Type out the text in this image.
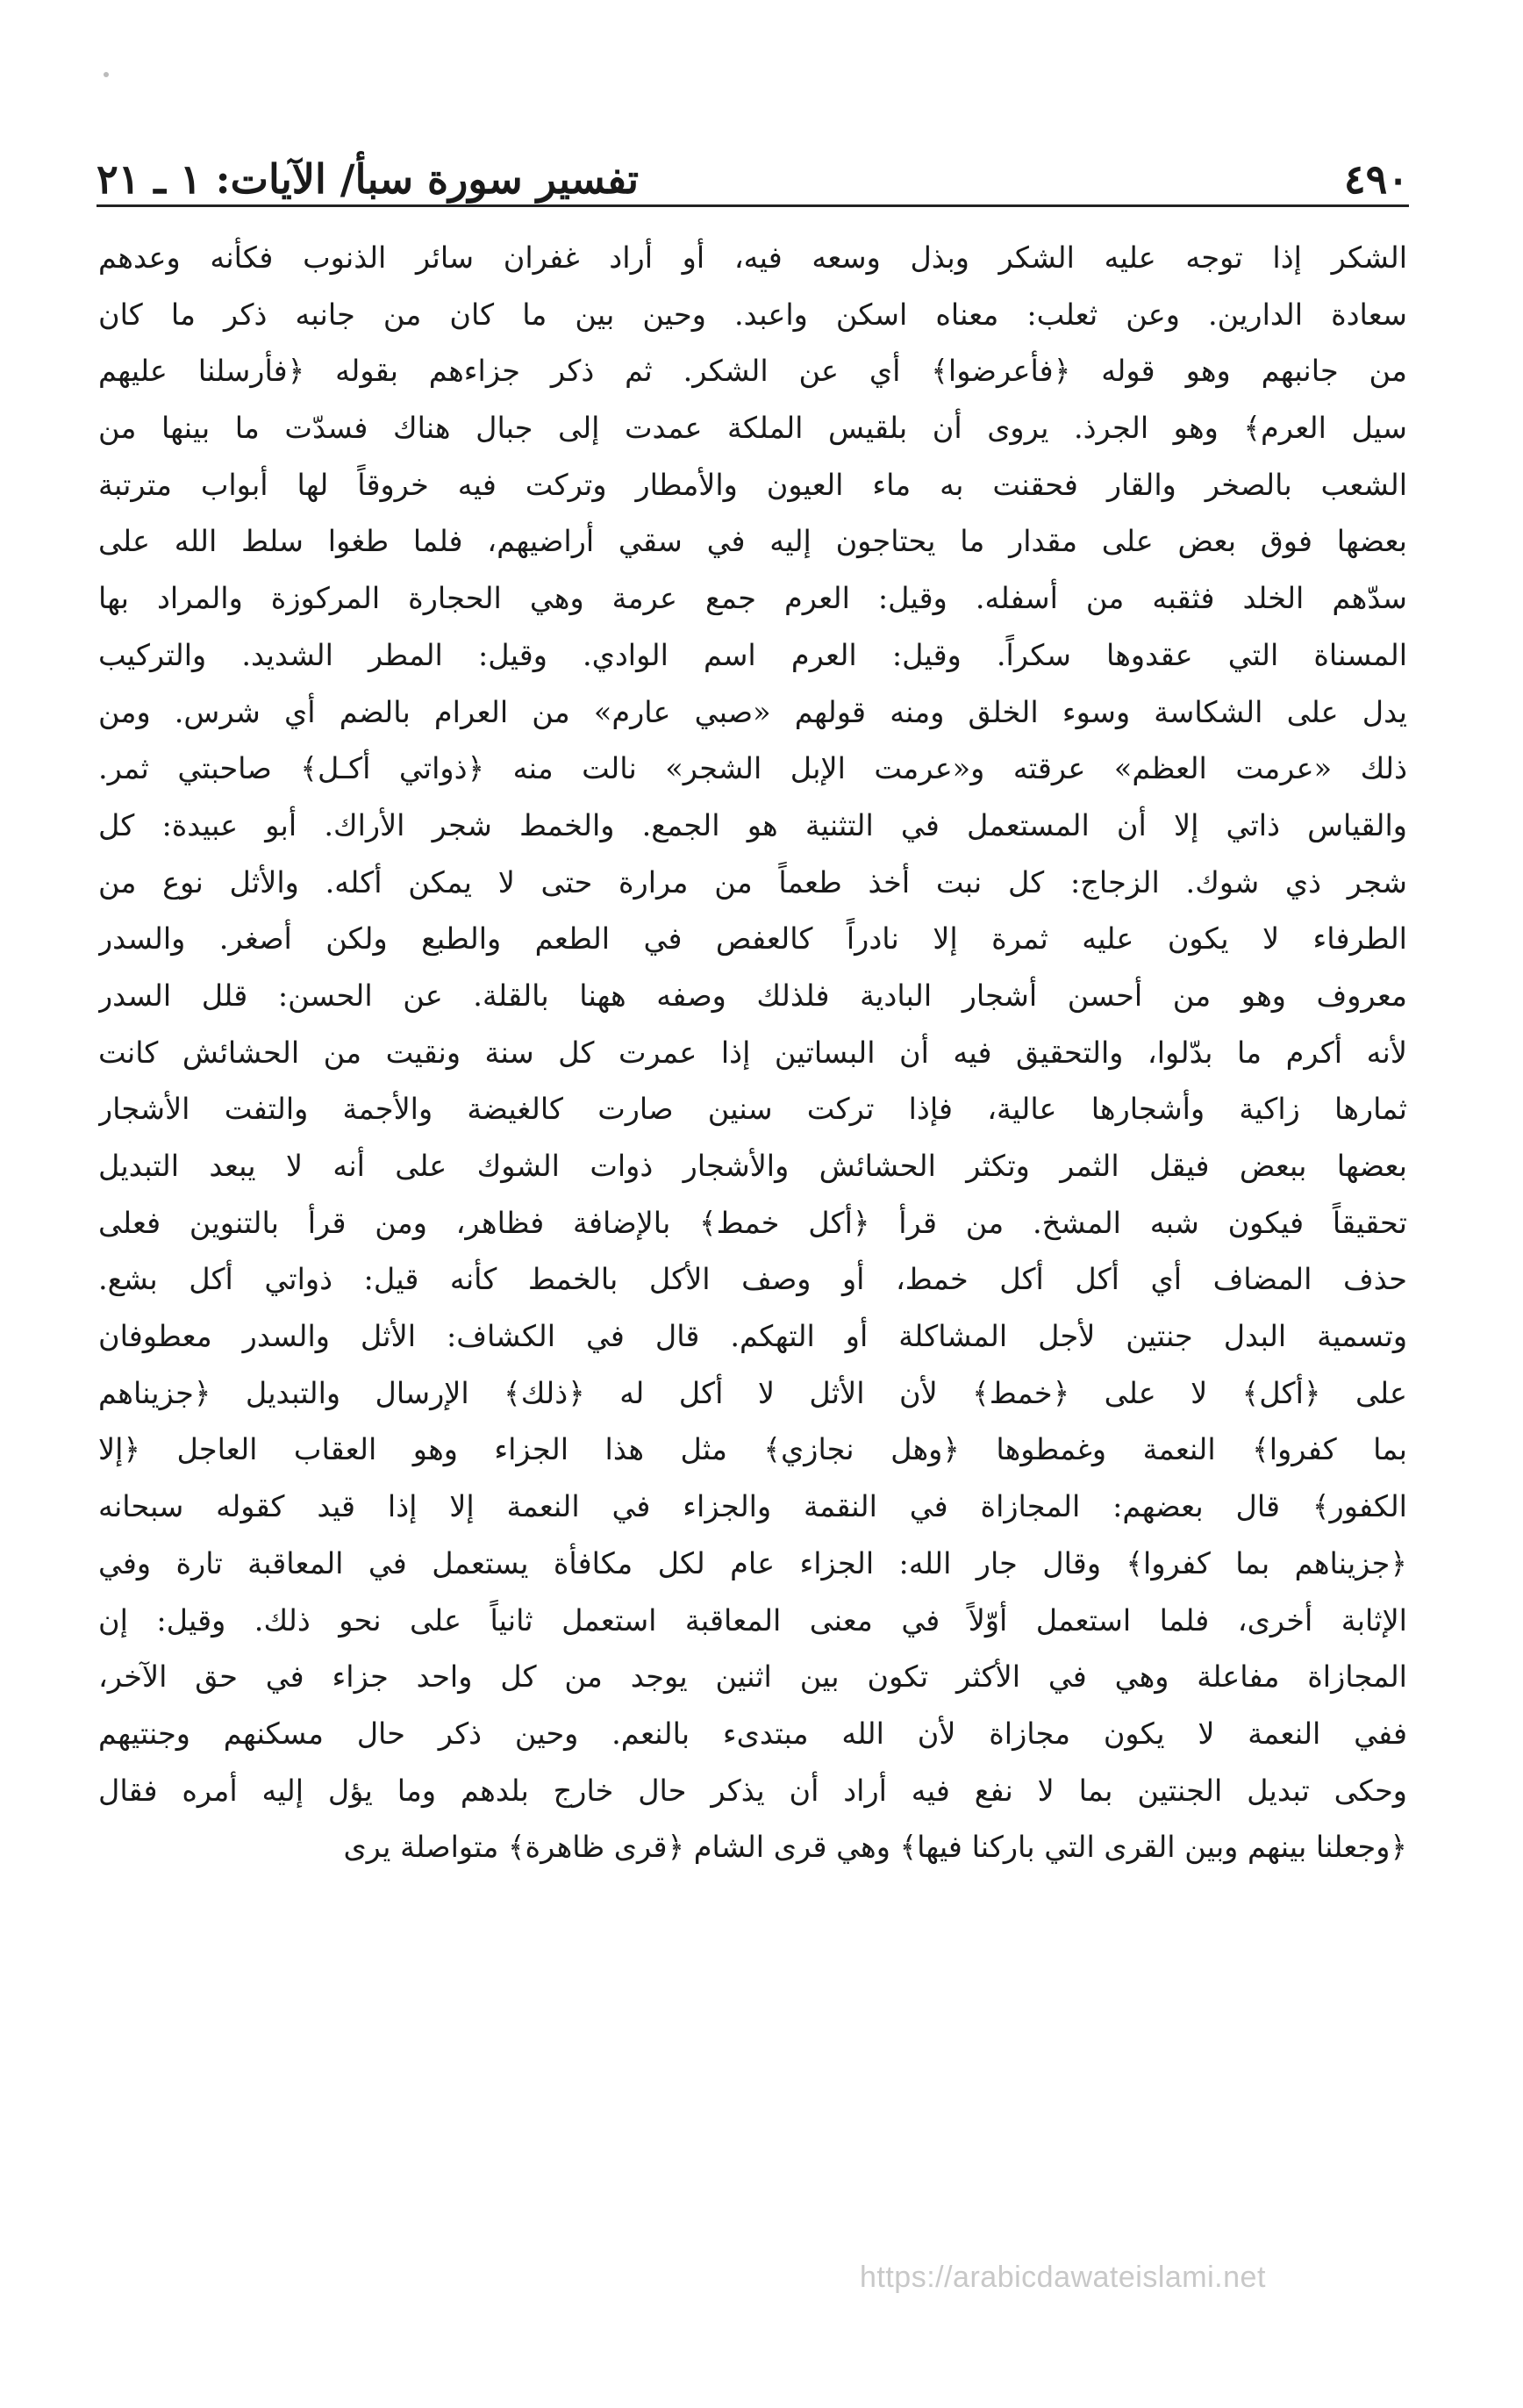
٤٩٠
تفسير سورة سبأ/ الآيات: ١ ـ ٢١
الشكر إذا توجه عليه الشكر وبذل وسعه فيه، أو أراد غفران سائر الذنوب فكأنه وعدهم
سعادة الدارين. وعن ثعلب: معناه اسكن واعبد. وحين بين ما كان من جانبه ذكر ما كان
من جانبهم وهو قوله ﴿فأعرضوا﴾ أي عن الشكر. ثم ذكر جزاءهم بقوله ﴿فأرسلنا عليهم
سيل العرم﴾ وهو الجرذ. يروى أن بلقيس الملكة عمدت إلى جبال هناك فسدّت ما بينها من
الشعب بالصخر والقار فحقنت به ماء العيون والأمطار وتركت فيه خروقاً لها أبواب مترتبة
بعضها فوق بعض على مقدار ما يحتاجون إليه في سقي أراضيهم، فلما طغوا سلط الله على
سدّهم الخلد فثقبه من أسفله. وقيل: العرم جمع عرمة وهي الحجارة المركوزة والمراد بها
المسناة التي عقدوها سكراً. وقيل: العرم اسم الوادي. وقيل: المطر الشديد. والتركيب
يدل على الشكاسة وسوء الخلق ومنه قولهم «صبي عارم» من العرام بالضم أي شرس. ومن
ذلك «عرمت العظم» عرقته و«عرمت الإبل الشجر» نالت منه ﴿ذواتي أكـل﴾ صاحبتي ثمر.
والقياس ذاتي إلا أن المستعمل في التثنية هو الجمع. والخمط شجر الأراك. أبو عبيدة: كل
شجر ذي شوك. الزجاج: كل نبت أخذ طعماً من مرارة حتى لا يمكن أكله. والأثل نوع من
الطرفاء لا يكون عليه ثمرة إلا نادراً كالعفص في الطعم والطبع ولكن أصغر. والسدر
معروف وهو من أحسن أشجار البادية فلذلك وصفه ههنا بالقلة. عن الحسن: قلل السدر
لأنه أكرم ما بدّلوا، والتحقيق فيه أن البساتين إذا عمرت كل سنة ونقيت من الحشائش كانت
ثمارها زاكية وأشجارها عالية، فإذا تركت سنين صارت كالغيضة والأجمة والتفت الأشجار
بعضها ببعض فيقل الثمر وتكثر الحشائش والأشجار ذوات الشوك على أنه لا يبعد التبديل
تحقيقاً فيكون شبه المشخ. من قرأ ﴿أكل خمط﴾ بالإضافة فظاهر، ومن قرأ بالتنوين فعلى
حذف المضاف أي أكل أكل خمط، أو وصف الأكل بالخمط كأنه قيل: ذواتي أكل بشع.
وتسمية البدل جنتين لأجل المشاكلة أو التهكم. قال في الكشاف: الأثل والسدر معطوفان
على ﴿أكل﴾ لا على ﴿خمط﴾ لأن الأثل لا أكل له ﴿ذلك﴾ الإرسال والتبديل ﴿جزيناهم
بما كفروا﴾ النعمة وغمطوها ﴿وهل نجازي﴾ مثل هذا الجزاء وهو العقاب العاجل ﴿إلا
الكفور﴾ قال بعضهم: المجازاة في النقمة والجزاء في النعمة إلا إذا قيد كقوله سبحانه
﴿جزيناهم بما كفروا﴾ وقال جار الله: الجزاء عام لكل مكافأة يستعمل في المعاقبة تارة وفي
الإثابة أخرى، فلما استعمل أوّلاً في معنى المعاقبة استعمل ثانياً على نحو ذلك. وقيل: إن
المجازاة مفاعلة وهي في الأكثر تكون بين اثنين يوجد من كل واحد جزاء في حق الآخر،
ففي النعمة لا يكون مجازاة لأن الله مبتدىء بالنعم. وحين ذكر حال مسكنهم وجنتيهم
وحكى تبديل الجنتين بما لا نفع فيه أراد أن يذكر حال خارج بلدهم وما يؤل إليه أمره فقال
﴿وجعلنا بينهم وبين القرى التي باركنا فيها﴾ وهي قرى الشام ﴿قرى ظاهرة﴾ متواصلة يرى
https://arabicdawateislami.net
